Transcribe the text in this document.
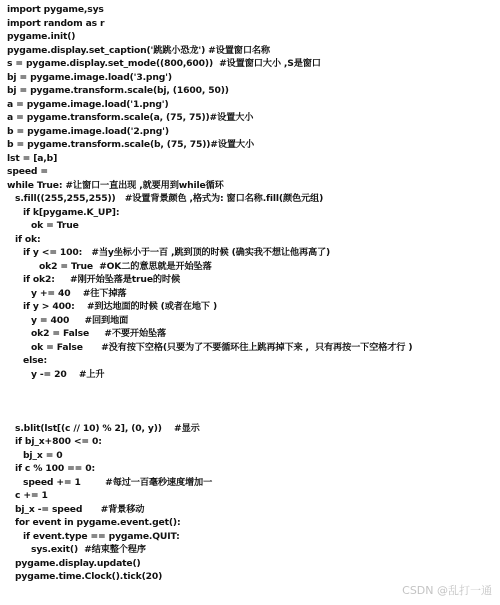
import pygame,sys
import random as r
pygame.init()
pygame.display.set_caption('跳跳小恐龙') #设置窗口名称
s = pygame.display.set_mode((800,600))  #设置窗口大小 ,S是窗口
bj = pygame.image.load('3.png')
bj = pygame.transform.scale(bj, (1600, 50))
a = pygame.image.load('1.png')
a = pygame.transform.scale(a, (75, 75))#设置大小
b = pygame.image.load('2.png')
b = pygame.transform.scale(b, (75, 75))#设置大小
lst = [a,b]
speed =
while True: #让窗口一直出现 ,就要用到while循环
s.fill((255,255,255))   #设置背景颜色 ,格式为: 窗口名称.fill(颜色元组)
if k[pygame.K_UP]:
ok = True
if ok:
if y <= 100:   #当y坐标小于一百 ,跳到顶的时候 (确实我不想让他再高了)
ok2 = True  #OK二的意思就是开始坠落
if ok2:     #刚开始坠落是true的时候
y += 40    #往下掉落
if y > 400:    #到达地面的时候 (或者在地下 )
y = 400     #回到地面
ok2 = False     #不要开始坠落
ok = False      #没有按下空格(只要为了不要循环往上跳再掉下来 ,  只有再按一下空格才行 )
else:
y -= 20    #上升
s.blit(lst[(c // 10) % 2], (0, y))    #显示
if bj_x+800 <= 0:
bj_x = 0
if c % 100 == 0:
speed += 1        #每过一百毫秒速度增加一
c += 1
bj_x -= speed      #背景移动
for event in pygame.event.get():
if event.type == pygame.QUIT:
sys.exit()  #结束整个程序
pygame.display.update()
pygame.time.Clock().tick(20)
CSDN @乱打一通
